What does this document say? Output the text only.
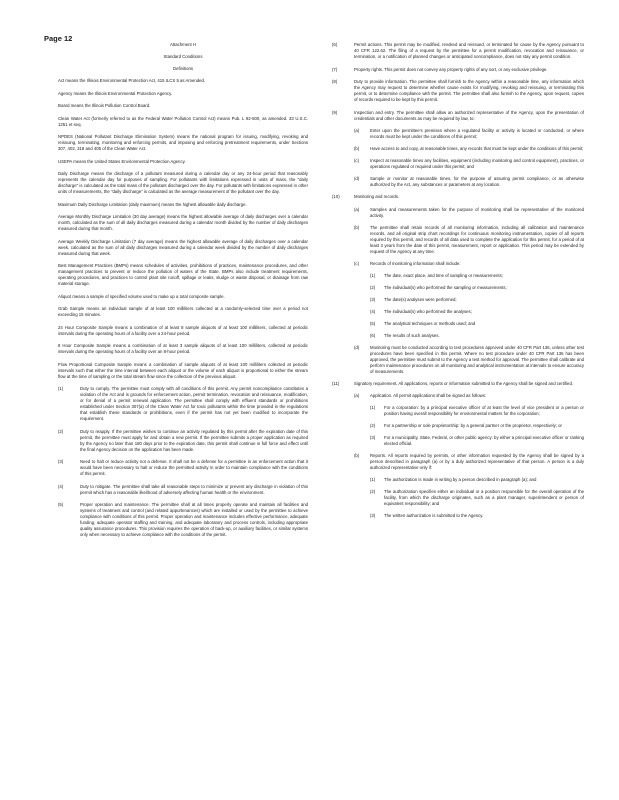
Page 12
Attachment H
Standard Conditions
Definitions

Act means the Illinois Environmental Protection Act, 415 ILCS 5 as Amended.

Agency means the Illinois Environmental Protection Agency.

Board means the Illinois Pollution Control Board.

Clean Water Act (formerly referred to as the Federal Water Pollution Control Act) means Pub. L 92-500, as amended. 33 U.S.C. 1251 et seq.

NPDES (National Pollutant Discharge Elimination System) means the national program for issuing, modifying, revoking and reissuing, terminating, monitoring and enforcing permits, and imposing and enforcing pretreatment requirements, under Sections 307, 402, 318 and 405 of the Clean Water Act.

USEPA means the United States Environmental Protection Agency.

Daily Discharge means the discharge of a pollutant measured during a calendar day or any 24-hour period that reasonably represents the calendar day for purposes of sampling. For pollutants with limitations expressed in units of mass, the "daily discharge" is calculated as the total mass of the pollutant discharged over the day. For pollutants with limitations expressed in other units of measurements, the "daily discharge" is calculated as the average measurement of the pollutant over the day.

Maximum Daily Discharge Limitation (daily maximum) means the highest allowable daily discharge.

Average Monthly Discharge Limitation (30 day average) means the highest allowable average of daily discharges over a calendar month, calculated as the sum of all daily discharges measured during a calendar month divided by the number of daily discharges measured during that month.

Average Weekly Discharge Limitation (7 day average) means the highest allowable average of daily discharges over a calendar week, calculated as the sum of all daily discharges measured during a calendar week divided by the number of daily discharges measured during that week.

Best Management Practices (BMPs) means schedules of activities, prohibitions of practices, maintenance procedures, and other management practices to prevent or reduce the pollution of waters of the State. BMPs also include treatment requirements, operating procedures, and practices to control plant site runoff, spillage or leaks, sludge or waste disposal, or drainage from raw material storage.

Aliquot means a sample of specified volume used to make up a total composite sample.

Grab Sample means an individual sample of at least 100 milliliters collected at a randomly-selected time over a period not exceeding 15 minutes.

24 Hour Composite Sample means a combination of at least 8 sample aliquots of at least 100 milliliters, collected at periodic intervals during the operating hours of a facility over a 24-hour period.

8 Hour Composite Sample means a combination of at least 3 sample aliquots of at least 100 milliliters, collected at periodic intervals during the operating hours of a facility over an 8-hour period.

Flow Proportional Composite Sample means a combination of sample aliquots of at least 100 milliliters collected at periodic intervals such that either the time interval between each aliquot or the volume of each aliquot is proportional to either the stream flow at the time of sampling or the total stream flow since the collection of the previous aliquot.

(1)	Duty to comply. The permittee must comply with all conditions of this permit. Any permit noncompliance constitutes a violation of the Act and is grounds for enforcement action, permit termination, revocation and reissuance, modification, or for denial of a permit renewal application. The permittee shall comply with effluent standards or prohibitions established under Section 307(a) of the Clean Water Act for toxic pollutants within the time provided in the regulations that establish these standards or prohibitions, even if the permit has not yet been modified to incorporate the requirement.
(2)	Duty to reapply. If the permittee wishes to continue an activity regulated by this permit after the expiration date of this permit, the permittee must apply for and obtain a new permit. If the permittee submits a proper application as required by the Agency no later than 180 days prior to the expiration date, this permit shall continue in full force and effect until the final Agency decision on the application has been made.
(3)	Need to halt or reduce activity not a defense. It shall not be a defense for a permittee in an enforcement action that it would have been necessary to halt or reduce the permitted activity in order to maintain compliance with the conditions of this permit.
(4)	Duty to mitigate. The permittee shall take all reasonable steps to minimize or prevent any discharge in violation of this permit which has a reasonable likelihood of adversely affecting human health or the environment.
(5)	Proper operation and maintenance. The permittee shall at all times properly operate and maintain all facilities and systems of treatment and control (and related appurtenances) which are installed or used by the permittee to achieve compliance with conditions of this permit. Proper operation and maintenance includes effective performance, adequate funding, adequate operator staffing and training, and adequate laboratory and process controls, including appropriate quality assurance procedures. This provision requires the operation of back-up, or auxiliary facilities, or similar systems only when necessary to achieve compliance with the conditions of the permit.
(6)	Permit actions. This permit may be modified, revoked and reissued, or terminated for cause by the Agency pursuant to 40 CFR 122.62. The filing of a request by the permittee for a permit modification, revocation and reissuance, or termination, or a notification of planned changes or anticipated noncompliance, does not stay any permit condition.
(7)	Property rights. This permit does not convey any property rights of any sort, or any exclusive privilege.
(8)	Duty to provide information. The permittee shall furnish to the Agency within a reasonable time, any information which the Agency may request to determine whether cause exists for modifying, revoking and reissuing, or terminating this permit, or to determine compliance with the permit. The permittee shall also furnish to the Agency, upon request, copies of records required to be kept by this permit.
(9)	Inspection and entry. The permittee shall allow an authorized representative of the Agency, upon the presentation of credentials and other documents as may be required by law, to:
(a) Enter upon the permittee's premises where a regulated facility or activity is located or conducted, or where records must be kept under the conditions of this permit;
(b) Have access to and copy, at reasonable times, any records that must be kept under the conditions of this permit;
(c)	Inspect at reasonable times any facilities, equipment (including monitoring and control equipment), practices, or operations regulated or required under this permit; and
(d) Sample or monitor at reasonable times, for the purpose of assuring permit compliance, or as otherwise authorized by the Act, any substances or parameters at any location.
(10)	Monitoring and records.
(a) Samples and measurements taken for the purpose of monitoring shall be representative of the monitored activity.
(b) The permittee shall retain records of all monitoring information, including all calibration and maintenance records, and all original strip chart recordings for continuous monitoring instrumentation, copies of all reports required by this permit, and records of all data used to complete the application for this permit, for a period of at least 3 years from the date of this permit, measurement, report or application. This period may be extended by request of the Agency at any time.
(c)	Records of monitoring information shall include:
(1) The date, exact place, and time of sampling or measurements;
(2) The individual(s) who performed the sampling or measurements;
(3) The date(s) analyses were performed;
(4) The individual(s) who performed the analyses;
(5) The analytical techniques or methods used; and
(6) The results of such analyses.
(d) Monitoring must be conducted according to test procedures approved under 40 CFR Part 136, unless other test procedures have been specified in this permit. Where no test procedure under 40 CFR Part 136 has been approved, the permittee must submit to the Agency a test method for approval. The permittee shall calibrate and perform maintenance procedures on all monitoring and analytical instrumentation at intervals to ensure accuracy of measurements.
(11)	Signatory requirement. All applications, reports or information submitted to the Agency shall be signed and certified.
(a) Application. All permit applications shall be signed as follows:
(1) For a corporation: by a principal executive officer of at least the level of vice president or a person or position having overall responsibility for environmental matters for the corporation;
(2) For a partnership or sole proprietorship: by a general partner or the proprietor, respectively; or
(3) For a municipality, State, Federal, or other public agency: by either a principal executive officer or ranking elected official.
(b) Reports. All reports required by permits, or other information requested by the Agency shall be signed by a person described in paragraph (a) or by a duly authorized representative of that person. A person is a duly authorized representative only if:
(1) The authorization is made in writing by a person described in paragraph (a); and
(2) The authorization specifies either an individual or a position responsible for the overall operation of the facility, from which the discharge originates, such as a plant manager, superintendent or person of equivalent responsibility; and
(3) The written authorization is submitted to the Agency.
